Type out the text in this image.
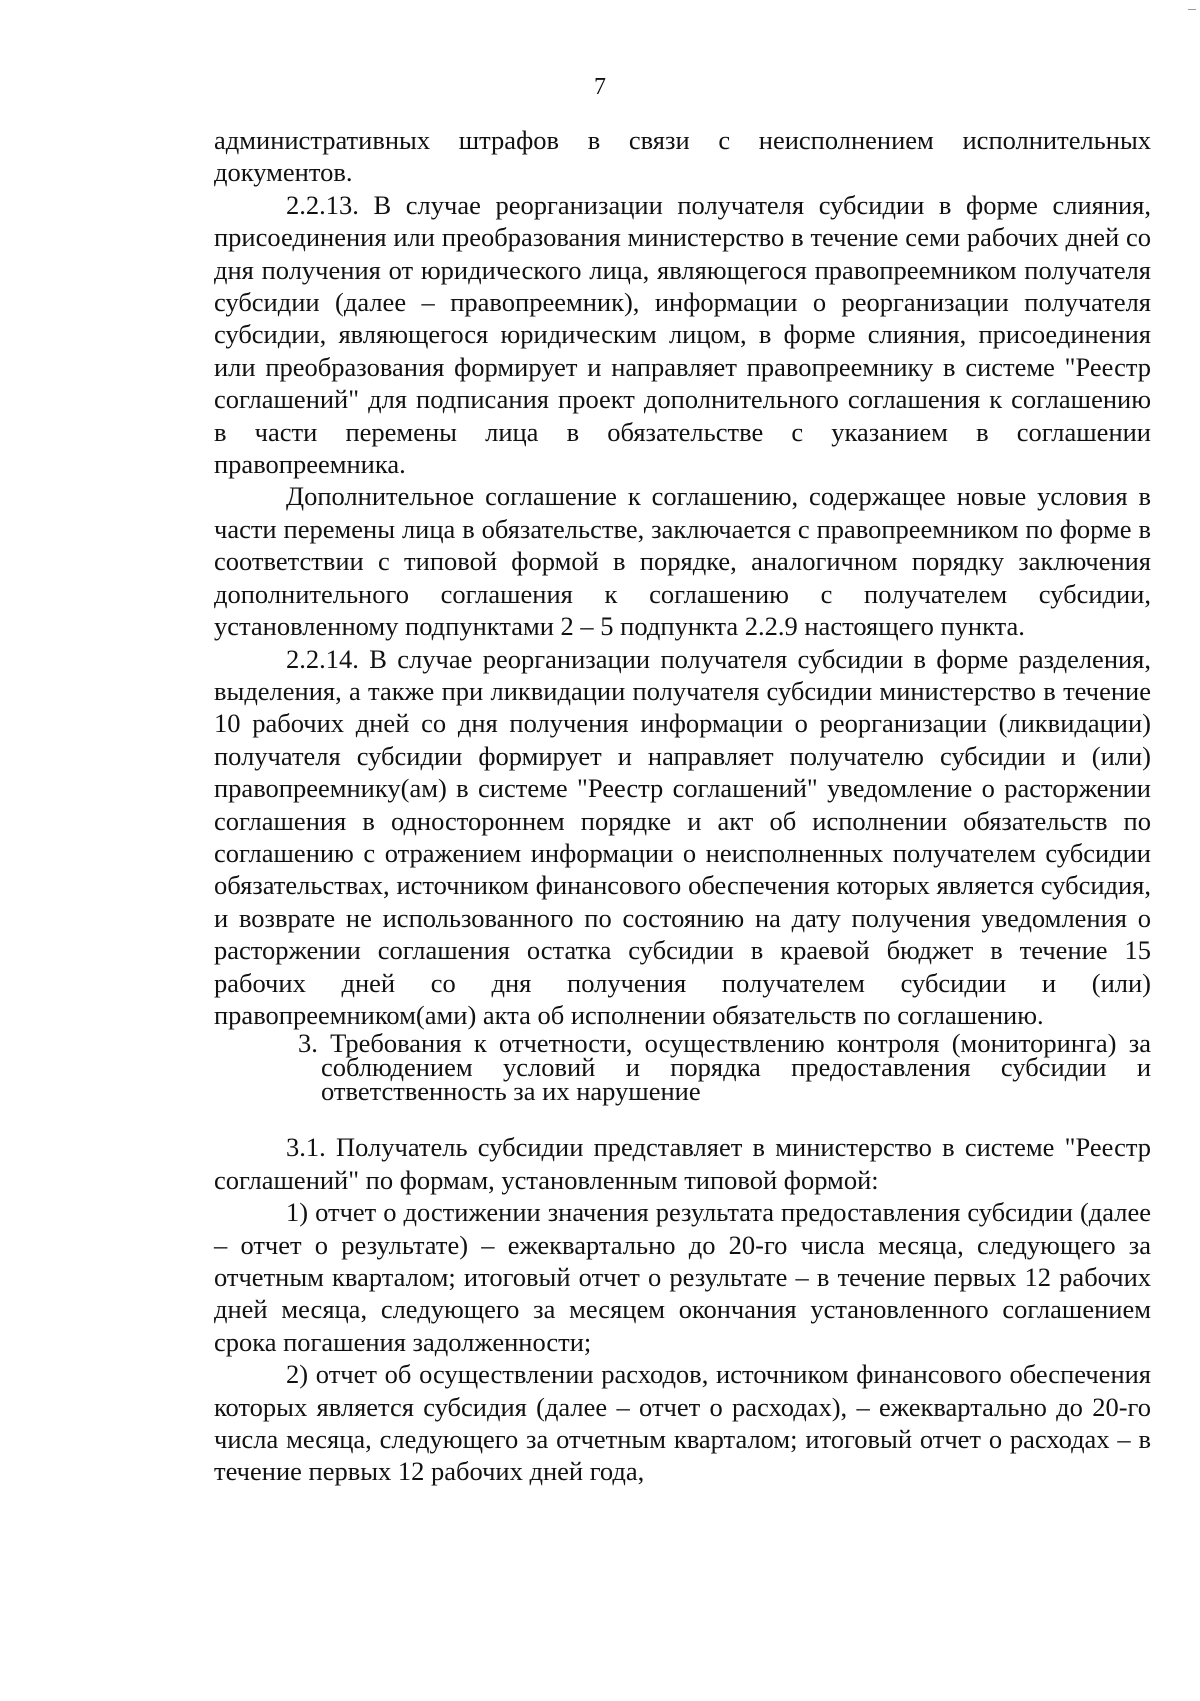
7

административных штрафов в связи с неисполнением исполнительных документов.

2.2.13. В случае реорганизации получателя субсидии в форме слияния, присоединения или преобразования министерство в течение семи рабочих дней со дня получения от юридического лица, являющегося правопреемником получателя субсидии (далее – правопреемник), информации о реорганизации получателя субсидии, являющегося юридическим лицом, в форме слияния, присоединения или преобразования формирует и направляет правопреемнику в системе "Реестр соглашений" для подписания проект дополнительного соглашения к соглашению в части перемены лица в обязательстве с указанием в соглашении правопреемника.

Дополнительное соглашение к соглашению, содержащее новые условия в части перемены лица в обязательстве, заключается с правопреемником по форме в соответствии с типовой формой в порядке, аналогичном порядку заключения дополнительного соглашения к соглашению с получателем субсидии, установленному подпунктами 2 – 5 подпункта 2.2.9 настоящего пункта.

2.2.14. В случае реорганизации получателя субсидии в форме разделения, выделения, а также при ликвидации получателя субсидии министерство в течение 10 рабочих дней со дня получения информации о реорганизации (ликвидации) получателя субсидии формирует и направляет получателю субсидии и (или) правопреемнику(ам) в системе "Реестр соглашений" уведомление о расторжении соглашения в одностороннем порядке и акт об исполнении обязательств по соглашению с отражением информации о неисполненных получателем субсидии обязательствах, источником финансового обеспечения которых является субсидия, и возврате не использованного по состоянию на дату получения уведомления о расторжении соглашения остатка субсидии в краевой бюджет в течение 15 рабочих дней со дня получения получателем субсидии и (или) правопреемником(ами) акта об исполнении обязательств по соглашению.

3. Требования к отчетности, осуществлению контроля (мониторинга) за соблюдением условий и порядка предоставления субсидии и ответственность за их нарушение

3.1. Получатель субсидии представляет в министерство в системе "Реестр соглашений" по формам, установленным типовой формой:

1) отчет о достижении значения результата предоставления субсидии (далее – отчет о результате) – ежеквартально до 20-го числа месяца, следующего за отчетным кварталом; итоговый отчет о результате – в течение первых 12 рабочих дней месяца, следующего за месяцем окончания установленного соглашением срока погашения задолженности;

2) отчет об осуществлении расходов, источником финансового обеспечения которых является субсидия (далее – отчет о расходах), – ежеквартально до 20-го числа месяца, следующего за отчетным кварталом; итоговый отчет о расходах – в течение первых 12 рабочих дней года,
